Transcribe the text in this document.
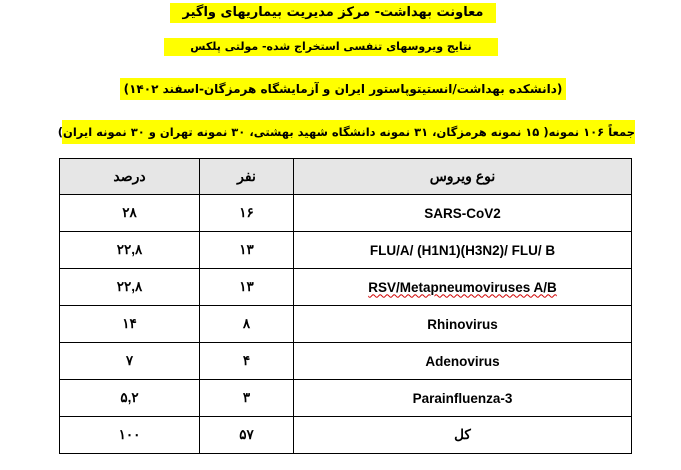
معاونت بهداشت- مرکز مدیریت بیماریهای واگیر
نتایج ویروسهای تنفسی استخراج شده- مولتی پلکس
(دانشکده بهداشت/انستیتوپاستور ایران و آزمایشگاه هرمزگان-اسفند ۱۴۰۲)
جمعاً ۱۰۶ نمونه( ۱۵ نمونه هرمزگان، ۳۱ نمونه دانشگاه شهید بهشتی، ۳۰ نمونه تهران و ۳۰ نمونه ایران)
نوع ویروس	نفر	درصد
SARS-CoV2	۱۶	۲۸
FLU/A/ (H1N1)(H3N2)/ FLU/ B	۱۳	۲۲,۸
RSV/Metapneumoviruses A/B	۱۳	۲۲,۸
Rhinovirus	۸	۱۴
Adenovirus	۴	۷
Parainfluenza-3	۳	۵,۲
کل	۵۷	۱۰۰
